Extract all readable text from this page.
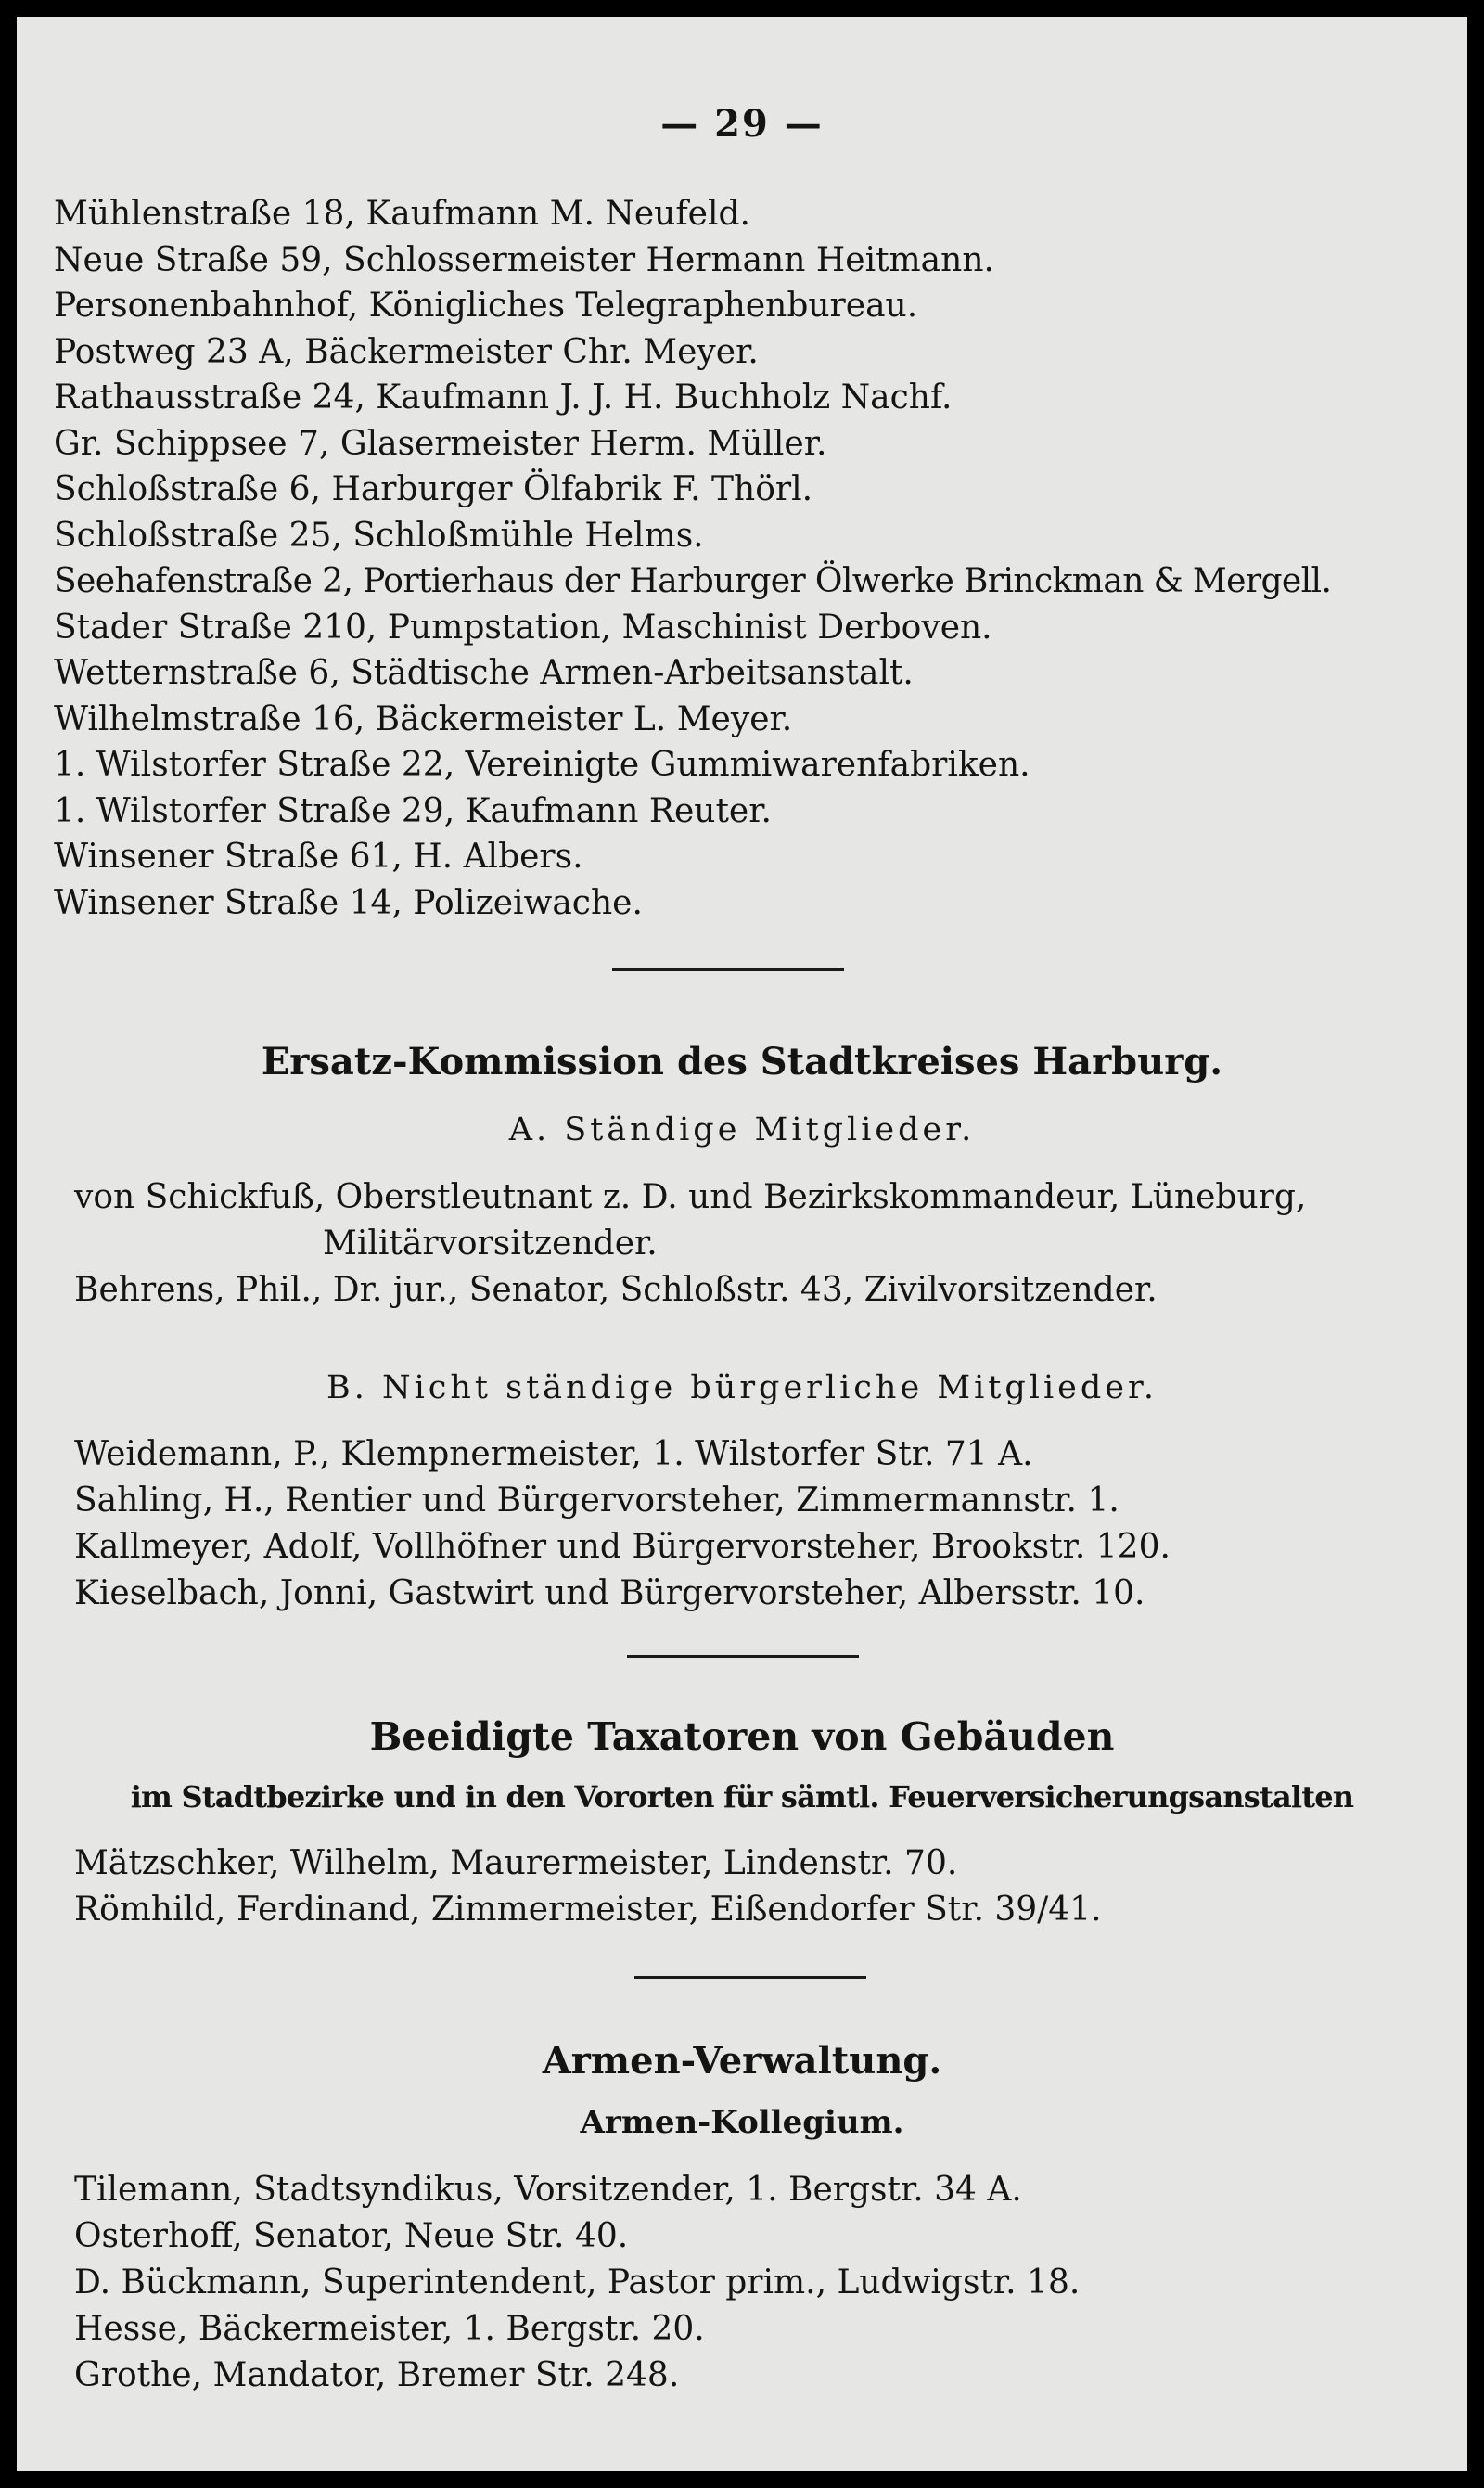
— 29 —
Mühlenstraße 18, Kaufmann M. Neufeld.
Neue Straße 59, Schlossermeister Hermann Heitmann.
Personenbahnhof, Königliches Telegraphenbureau.
Postweg 23 A, Bäckermeister Chr. Meyer.
Rathausstraße 24, Kaufmann J. J. H. Buchholz Nachf.
Gr. Schippsee 7, Glasermeister Herm. Müller.
Schloßstraße 6, Harburger Ölfabrik F. Thörl.
Schloßstraße 25, Schloßmühle Helms.
Seehafenstraße 2, Portierhaus der Harburger Ölwerke Brinckman & Mergell.
Stader Straße 210, Pumpstation, Maschinist Derboven.
Wetternstraße 6, Städtische Armen-Arbeitsanstalt.
Wilhelmstraße 16, Bäckermeister L. Meyer.
1. Wilstorfer Straße 22, Vereinigte Gummiwarenfabriken.
1. Wilstorfer Straße 29, Kaufmann Reuter.
Winsener Straße 61, H. Albers.
Winsener Straße 14, Polizeiwache.
Ersatz-Kommission des Stadtkreises Harburg.
A. Ständige Mitglieder.
von Schickfuß, Oberstleutnant z. D. und Bezirkskommandeur, Lüneburg,
Militärvorsitzender.
Behrens, Phil., Dr. jur., Senator, Schloßstr. 43, Zivilvorsitzender.
B. Nicht ständige bürgerliche Mitglieder.
Weidemann, P., Klempnermeister, 1. Wilstorfer Str. 71 A.
Sahling, H., Rentier und Bürgervorsteher, Zimmermannstr. 1.
Kallmeyer, Adolf, Vollhöfner und Bürgervorsteher, Brookstr. 120.
Kieselbach, Jonni, Gastwirt und Bürgervorsteher, Albersstr. 10.
Beeidigte Taxatoren von Gebäuden
im Stadtbezirke und in den Vororten für sämtl. Feuerversicherungsanstalten
Mätzschker, Wilhelm, Maurermeister, Lindenstr. 70.
Römhild, Ferdinand, Zimmermeister, Eißendorfer Str. 39/41.
Armen-Verwaltung.
Armen-Kollegium.
Tilemann, Stadtsyndikus, Vorsitzender, 1. Bergstr. 34 A.
Osterhoff, Senator, Neue Str. 40.
D. Bückmann, Superintendent, Pastor prim., Ludwigstr. 18.
Hesse, Bäckermeister, 1. Bergstr. 20.
Grothe, Mandator, Bremer Str. 248.
